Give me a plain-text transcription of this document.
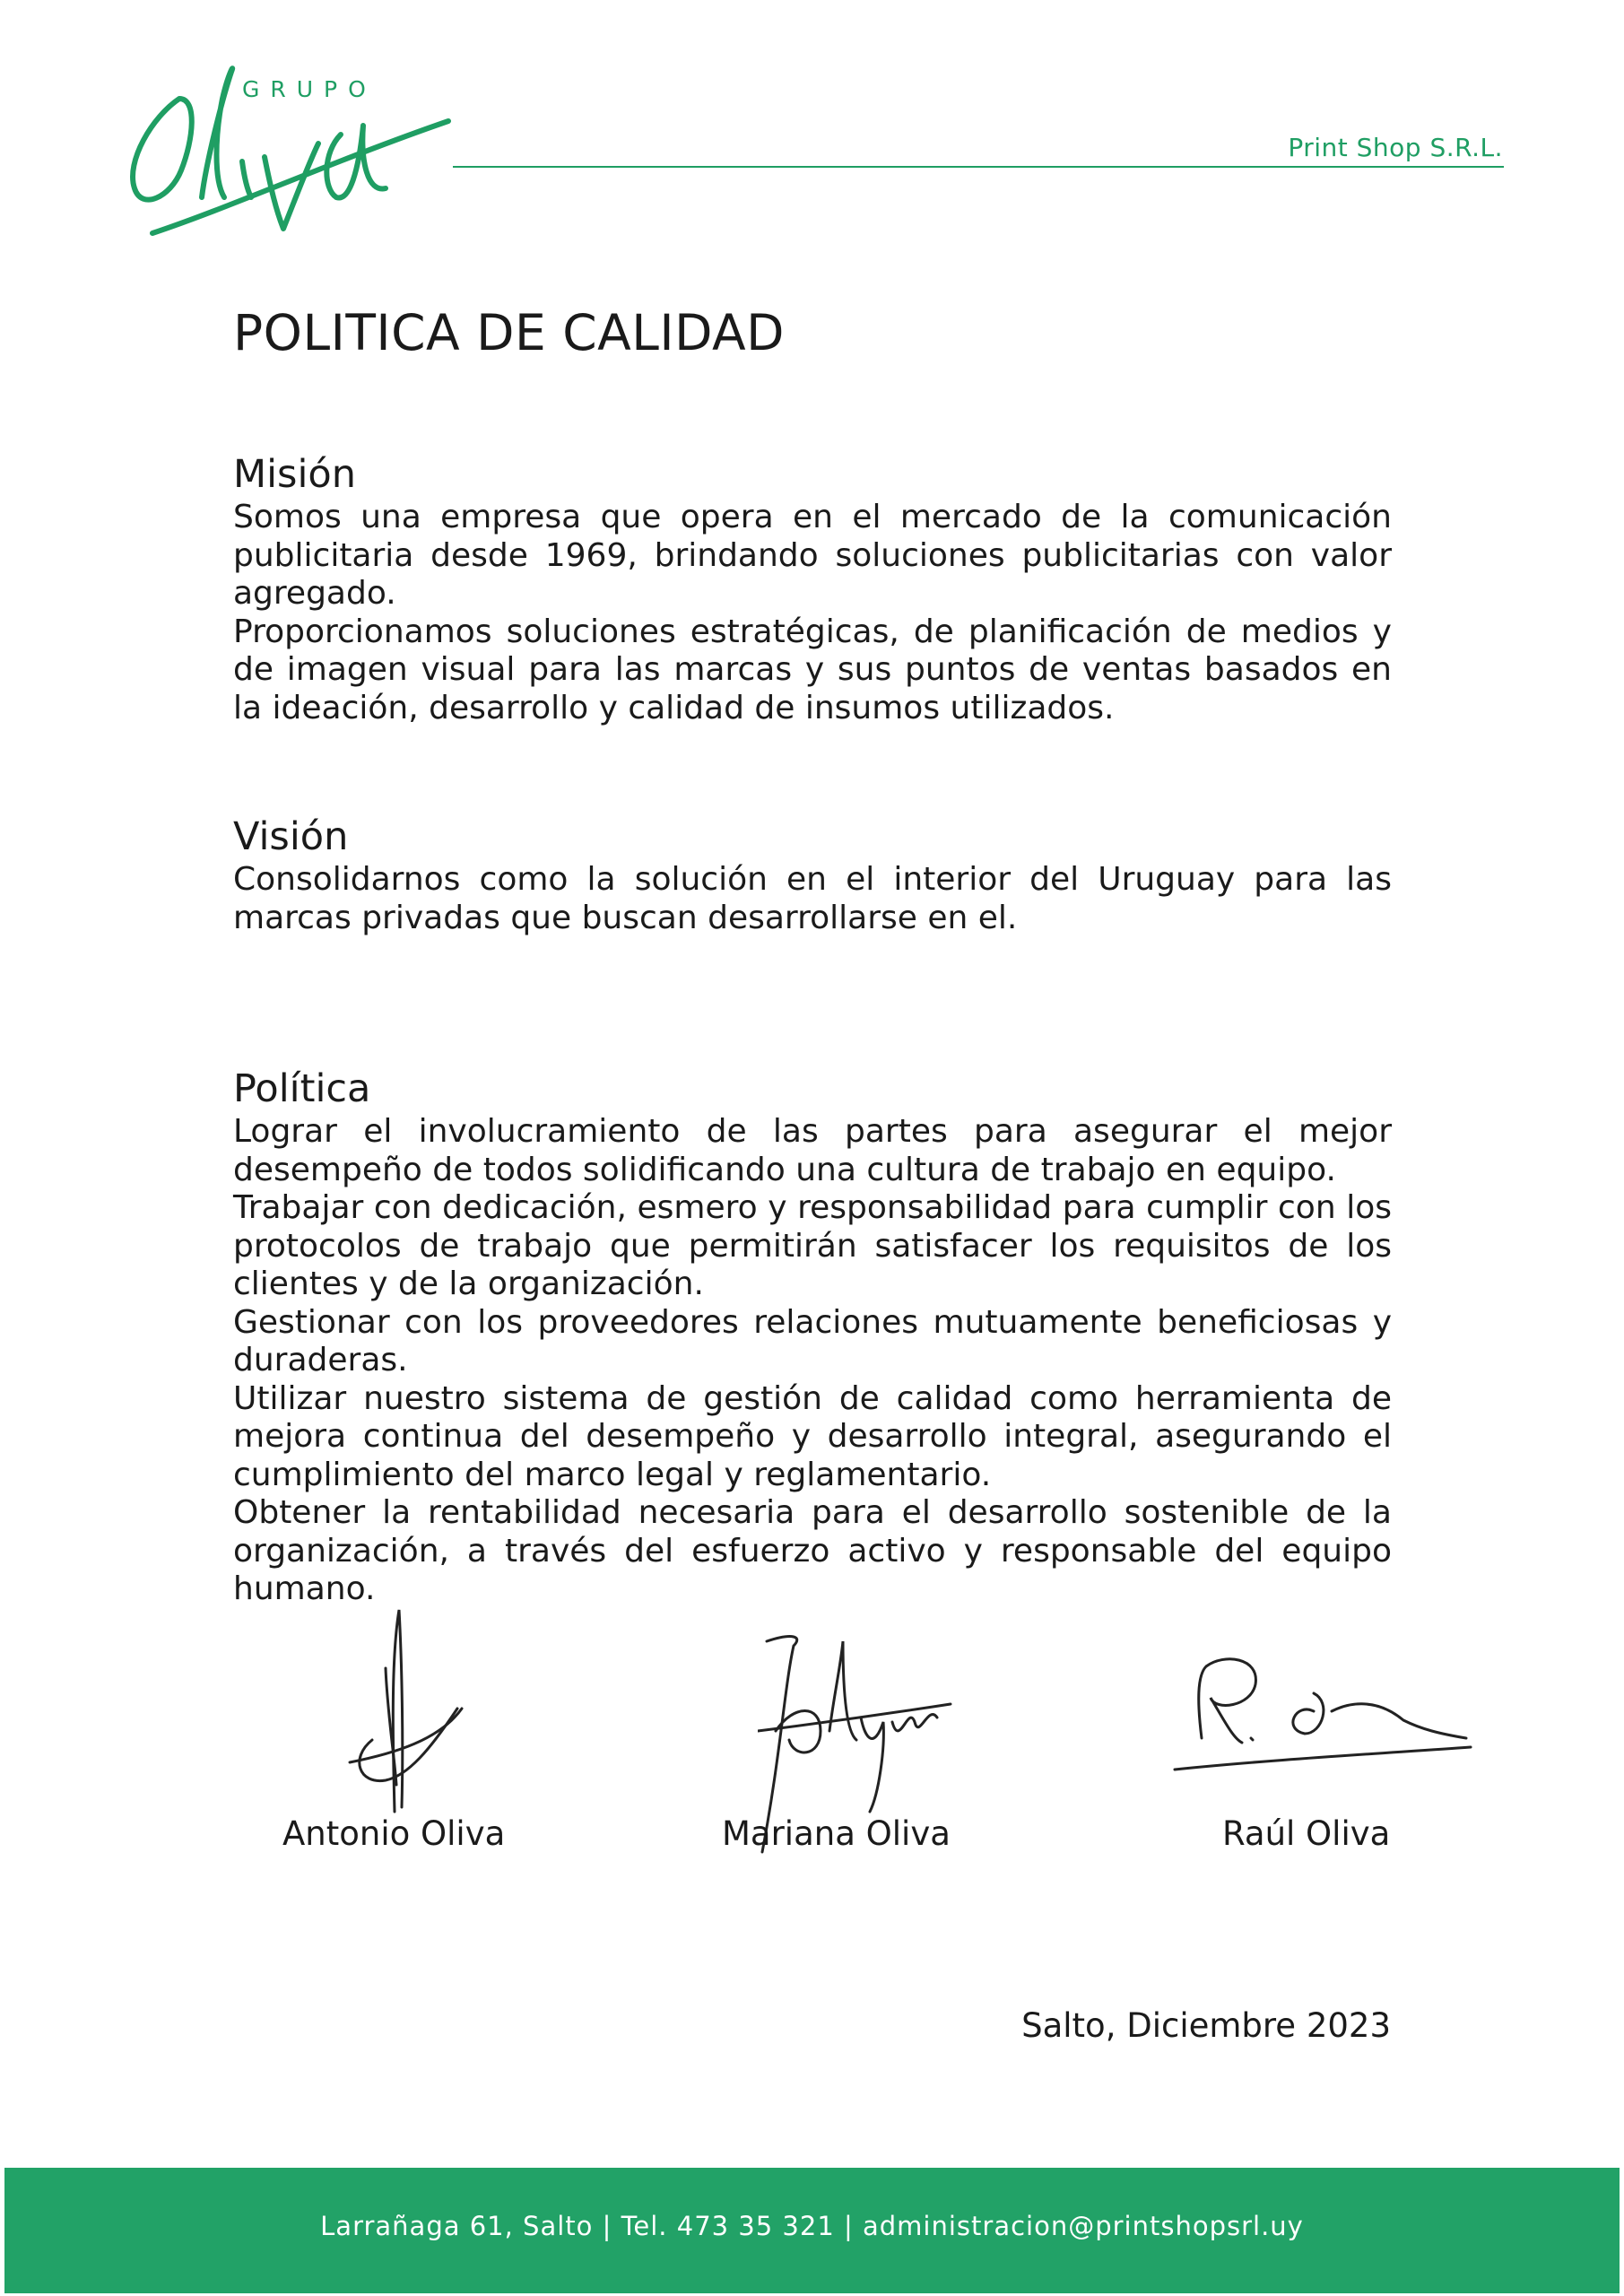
GRUPO
Print Shop S.R.L.
POLITICA DE CALIDAD
Misión

Somos una empresa que opera en el mercado de la comunicación publicitaria desde 1969, brindando soluciones publicitarias con valor agregado.

Proporcionamos soluciones estratégicas, de planificación de medios y de imagen visual para las marcas y sus puntos de ventas basados en la ideación, desarrollo y calidad de insumos utilizados.

Visión

Consolidarnos como la solución en el interior del Uruguay para las marcas privadas que buscan desarrollarse en el.

Política

Lograr el involucramiento de las partes para asegurar el mejor desempeño de todos solidificando una cultura de trabajo en equipo.

Trabajar con dedicación, esmero y responsabilidad para cumplir con los protocolos de trabajo que permitirán satisfacer los requisitos de los clientes y de la organización.

Gestionar con los proveedores relaciones mutuamente beneficiosas y duraderas.

Utilizar nuestro sistema de gestión de calidad como herramienta de mejora continua del desempeño y desarrollo integral, asegurando el cumplimiento del marco legal y reglamentario.

Obtener la rentabilidad necesaria para el desarrollo sostenible de la organización, a través del esfuerzo activo y responsable del equipo humano.

Antonio Oliva	Mariana Oliva	Raúl Oliva
Salto, Diciembre 2023
Larrañaga 61, Salto | Tel. 473 35 321 | administracion@printshopsrl.uy
